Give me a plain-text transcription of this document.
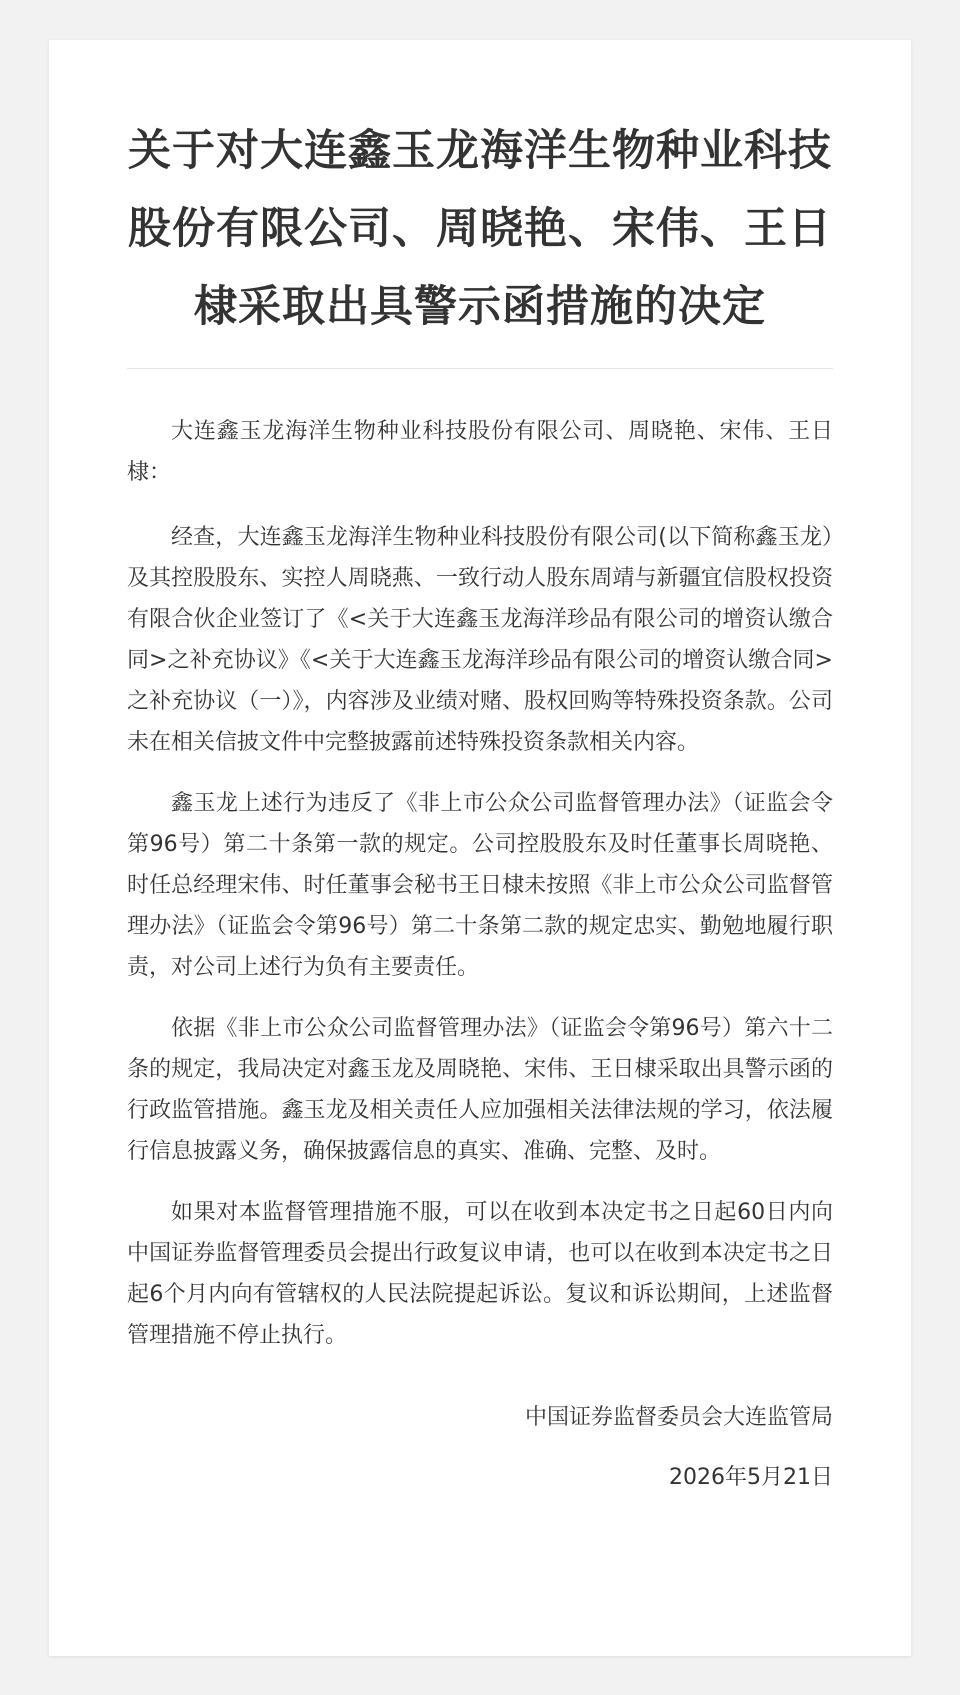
关于对大连鑫玉龙海洋生物种业科技股份有限公司、周晓艳、宋伟、王日棣采取出具警示函措施的决定

大连鑫玉龙海洋生物种业科技股份有限公司、周晓艳、宋伟、王日棣：

经查，大连鑫玉龙海洋生物种业科技股份有限公司(以下简称鑫玉龙）及其控股股东、实控人周晓燕、一致行动人股东周靖与新疆宜信股权投资有限合伙企业签订了《<关于大连鑫玉龙海洋珍品有限公司的增资认缴合同>之补充协议》《<关于大连鑫玉龙海洋珍品有限公司的增资认缴合同>之补充协议（一）》，内容涉及业绩对赌、股权回购等特殊投资条款。公司未在相关信披文件中完整披露前述特殊投资条款相关内容。

鑫玉龙上述行为违反了《非上市公众公司监督管理办法》（证监会令第96号）第二十条第一款的规定。公司控股股东及时任董事长周晓艳、时任总经理宋伟、时任董事会秘书王日棣未按照《非上市公众公司监督管理办法》（证监会令第96号）第二十条第二款的规定忠实、勤勉地履行职责，对公司上述行为负有主要责任。

依据《非上市公众公司监督管理办法》（证监会令第96号）第六十二条的规定，我局决定对鑫玉龙及周晓艳、宋伟、王日棣采取出具警示函的行政监管措施。鑫玉龙及相关责任人应加强相关法律法规的学习，依法履行信息披露义务，确保披露信息的真实、准确、完整、及时。

如果对本监督管理措施不服，可以在收到本决定书之日起60日内向中国证券监督管理委员会提出行政复议申请，也可以在收到本决定书之日起6个月内向有管辖权的人民法院提起诉讼。复议和诉讼期间，上述监督管理措施不停止执行。

中国证券监督委员会大连监管局
2026年5月21日
